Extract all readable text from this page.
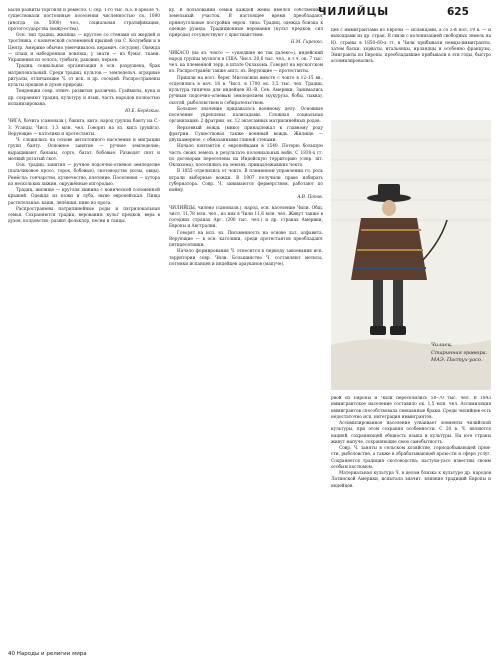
ЧИЛИЙЦЫ	625

Были развиты торговля и ремесло. С сер. 1-го тыс. н.э. в ареале Ч. существовали постоянные поселения численностью св. 1000 (иногда св. 5000) чел., социальная стратификация, протогосударства (вожд-ества).

Осн. тип традиц. жилища — круглое со стенами из жердей и тростника, с конической соломенной крышей (на С. Колумбии и в Центр. Америке обычно увенчивалось керамич. сосудом). Одежда — плащ и набедренная повязка; у знати — из бумаг. ткани. Украшения из золота, тумбаги, раковин, перьев.

Традиц. социальная организация в осн. разрушена, брак матрилокальный. Среди традиц. культов — земледельч. аграрные ритуалы, отличающие Ч. от исп. и др. соседей. Распространены культы предков и духов природы.

Тенденция совр. этнич. развития различна. Гуаймиты, куна и др. сохраняют традиц. культуру и язык, часть народов полностью испанизирована.

Ю.Е. Берёзкин.

ЧИГА, бачига (самоназв.), бакига, кига, народ группы банту на С.-З. Уганды. Числ. 1,3 млн. чел. Говорят на яз. кига (руки́га). Верующие — католики и протестанты.

Ч. сложились на основе автохтонного населения и миграции групп банту. Основное занятие — ручное земледелие; выращивают бананы, сорго, батат, бобовые. Разводят скот и мелкий рогатый скот.

Осн. традиц. занятия — ручное подсечно-огневое земледелие (пальчиковое просо, горох, бобовые), скотоводство (козы, овцы). Ремёсла: гончарство, кузнечество, плетение. Поселения — хутора из нескольких хижин, окружённые изгородью.

Традиц. жилище — круглая хижина с конической соломенной крышей. Одежда из кожи и луба, ныне европейская. Пища растительная: каши, лепёшки, пиво из проса.

Распространены патрилинейные роды и патрилокальная семья. Сохраняются традиц. верования: культ предков, вера в духов, колдовство; развит фольклор, песни и танцы.

ку. В пользовании семьи каждой жены имелся собственный земельный участок. В настоящее время преобладают прямоугольные постройки европ. типа. Традиц. одежда близка к одежде руанда. Традиционные верования (культ предков, сил природы) сосуществуют с христианством.

Н.М. Гиренко.

ЧИКАСО (на яз. чокто — «ушедшие не так далеко»), индейский народ группы мускоги в США. Числ. 20,6 тыс. чел., в т.ч. ок. 7 тыс. чел. на племенной терр. в штате Оклахома. Говорят на мускогском яз. Распространён также англ. яз. Верующие — протестанты.

Пришли на вост. берег Миссисипи вместе с чокто в 12–15 вв., отделились в нач. 16 в. Числ. в 1700 ок. 3,5 тыс. чел. Традиц. культура типична для индейцев Ю.-В. Сев. Америки. Занимались ручным подсечно-огневым земледелием (кукуруза, бобы, тыква), охотой, рыболовством и собирательством.

Большое значение придавалось военному делу. Основные поселения укреплены палисадами. Сложная социальная организация: 2 фратрии, ок. 12 экзогамных матрилинейных родов.

Верховный вождь (мико) принадлежал к главному роду фратрии. Существовал также военный вождь. Жилище — двухкамерное, с обмазанными глиной стенами.

Начало контактов с европейцами в 1540. Потерю большую часть своих земель в результате колониальных войн. С 1830-х гг. по договорам переселены на Индейскую территорию (совр. шт. Оклахома), поселились на землях, принадлежавших чокто.

В 1855 отделились от чокто. В племенном управлении гл. роль играли выборные вожди. В 1907 получили право избирать губернатора. Совр. Ч. занимаются фермерством, работают по найму.

А.В. Попов.

ЧИЛИЙЦЫ, чилено (самоназв.), народ, осн. население Чили. Общ. числ. 11,78 млн. чел., из них в Чили 11,6 млн. чел. Живут также в соседних странах Арг. (200 тыс. чел.) и др. странах Америки, Европы и Австралии.

Говорят на исп. яз. Письменность на основе лат. алфавита. Верующие — в осн. католики, среди протестантов преобладают пятидесятники.

Начало формирования Ч. относится к периоду завоевания исп. территории совр. Чили. Большинство Ч. составляют метисы, потомки испанцев и индейцев арауканов (мапуче).

цев с иммигрантами из Европы — испанцами, а со 2-й пол. 19 в. — и выходцами из др. стран. В связи с колонизацией свободных земель на Ю. страны в 1850–60-х гг. в Чили прибывали немцы-иммигранты, затем баски, хорваты, итальянцы, ирландцы и особенно французы. Эмигранты из Европы, преобладавшие прибывали в эти годы, быстро ассимилировались.

Чилиец.
Старинная гравюра. МАЭ. Пастух-уасо.

рвой из Европы и Чили переселились 50–70 тыс. чел. В 1843 иммигрантское население составило ок. 1,5 млн. чел. Ассимиляция иммигрантов способствовала смешанные браки. Среди чилийцев есть недостаточно исп. интеграция иммигрантов.

Ассимилированное население усваивает элементы чилийской культуры, при этом сохраняя особенности. С 20 в. Ч. являются нацией, сохраняющей общность языка и культуры. На юге страны живут мапуче, сохраняющие свою самобытность.

Совр. Ч. заняты в сельском хозяйстве, горнодобывающей пром-сти, рыболовстве, а также в обрабатывающей пром-сти и сфере услуг. Сохраняется традиция скотоводства; пастухи-уасо известны своим особым костюмом.

Материальная культура Ч. в целом близка к культуре др. народов Латинской Америки, испытала значит. влияние традиций Европы и индейцев.

40 Народы и религии мира
